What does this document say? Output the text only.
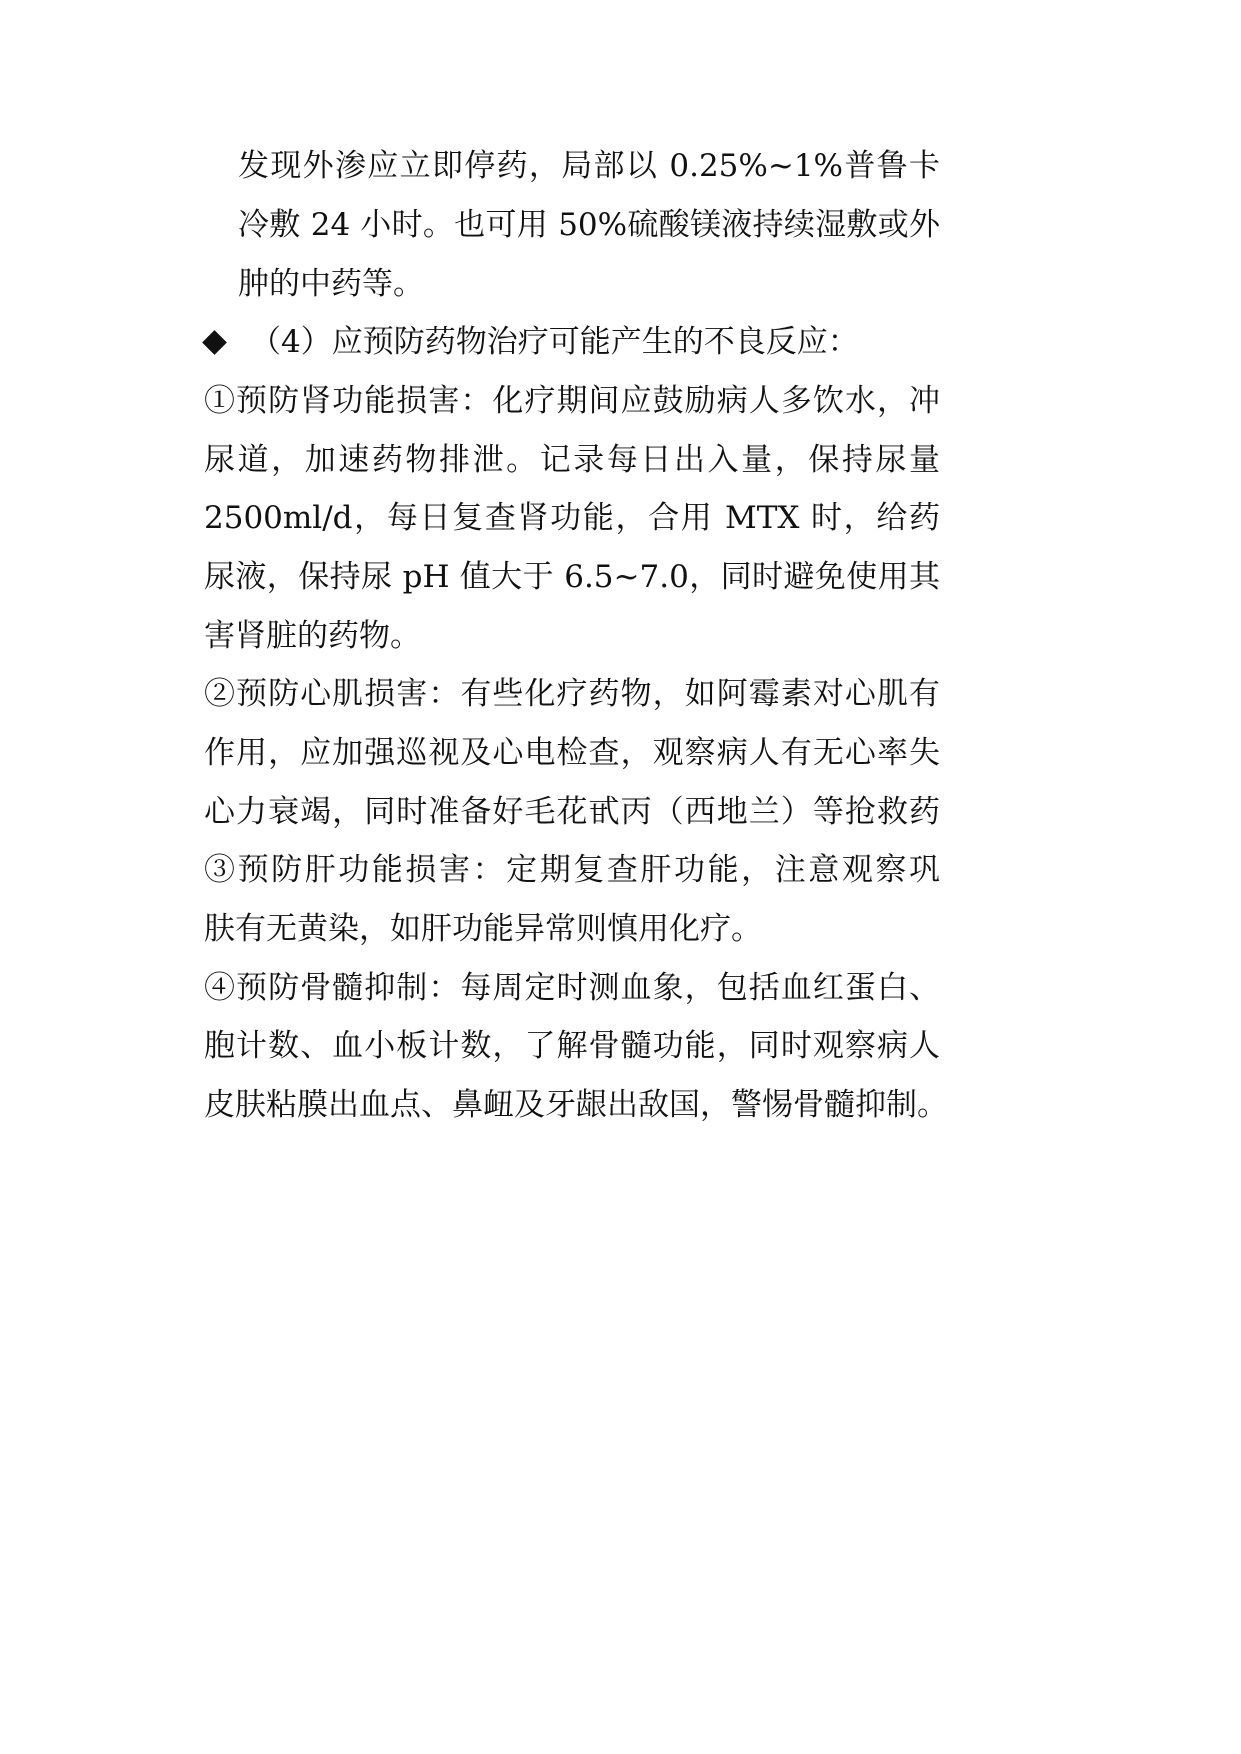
发现外渗应立即停药，局部以 0.25%~1%普鲁卡
冷敷 24 小时。也可用 50%硫酸镁液持续湿敷或外
肿的中药等。
（4）应预防药物治疗可能产生的不良反应：
①预防肾功能损害：化疗期间应鼓励病人多饮水，冲
尿道，加速药物排泄。记录每日出入量，保持尿量
2500ml/d，每日复查肾功能，合用 MTX 时，给药
尿液，保持尿 pH 值大于 6.5~7.0，同时避免使用其
害肾脏的药物。
②预防心肌损害：有些化疗药物，如阿霉素对心肌有
作用，应加强巡视及心电检查，观察病人有无心率失
心力衰竭，同时准备好毛花甙丙（西地兰）等抢救药
③预防肝功能损害：定期复查肝功能，注意观察巩
肤有无黄染，如肝功能异常则慎用化疗。
④预防骨髓抑制：每周定时测血象，包括血红蛋白、
胞计数、血小板计数，了解骨髓功能，同时观察病人
皮肤粘膜出血点、鼻衄及牙龈出敌国，警惕骨髓抑制。
